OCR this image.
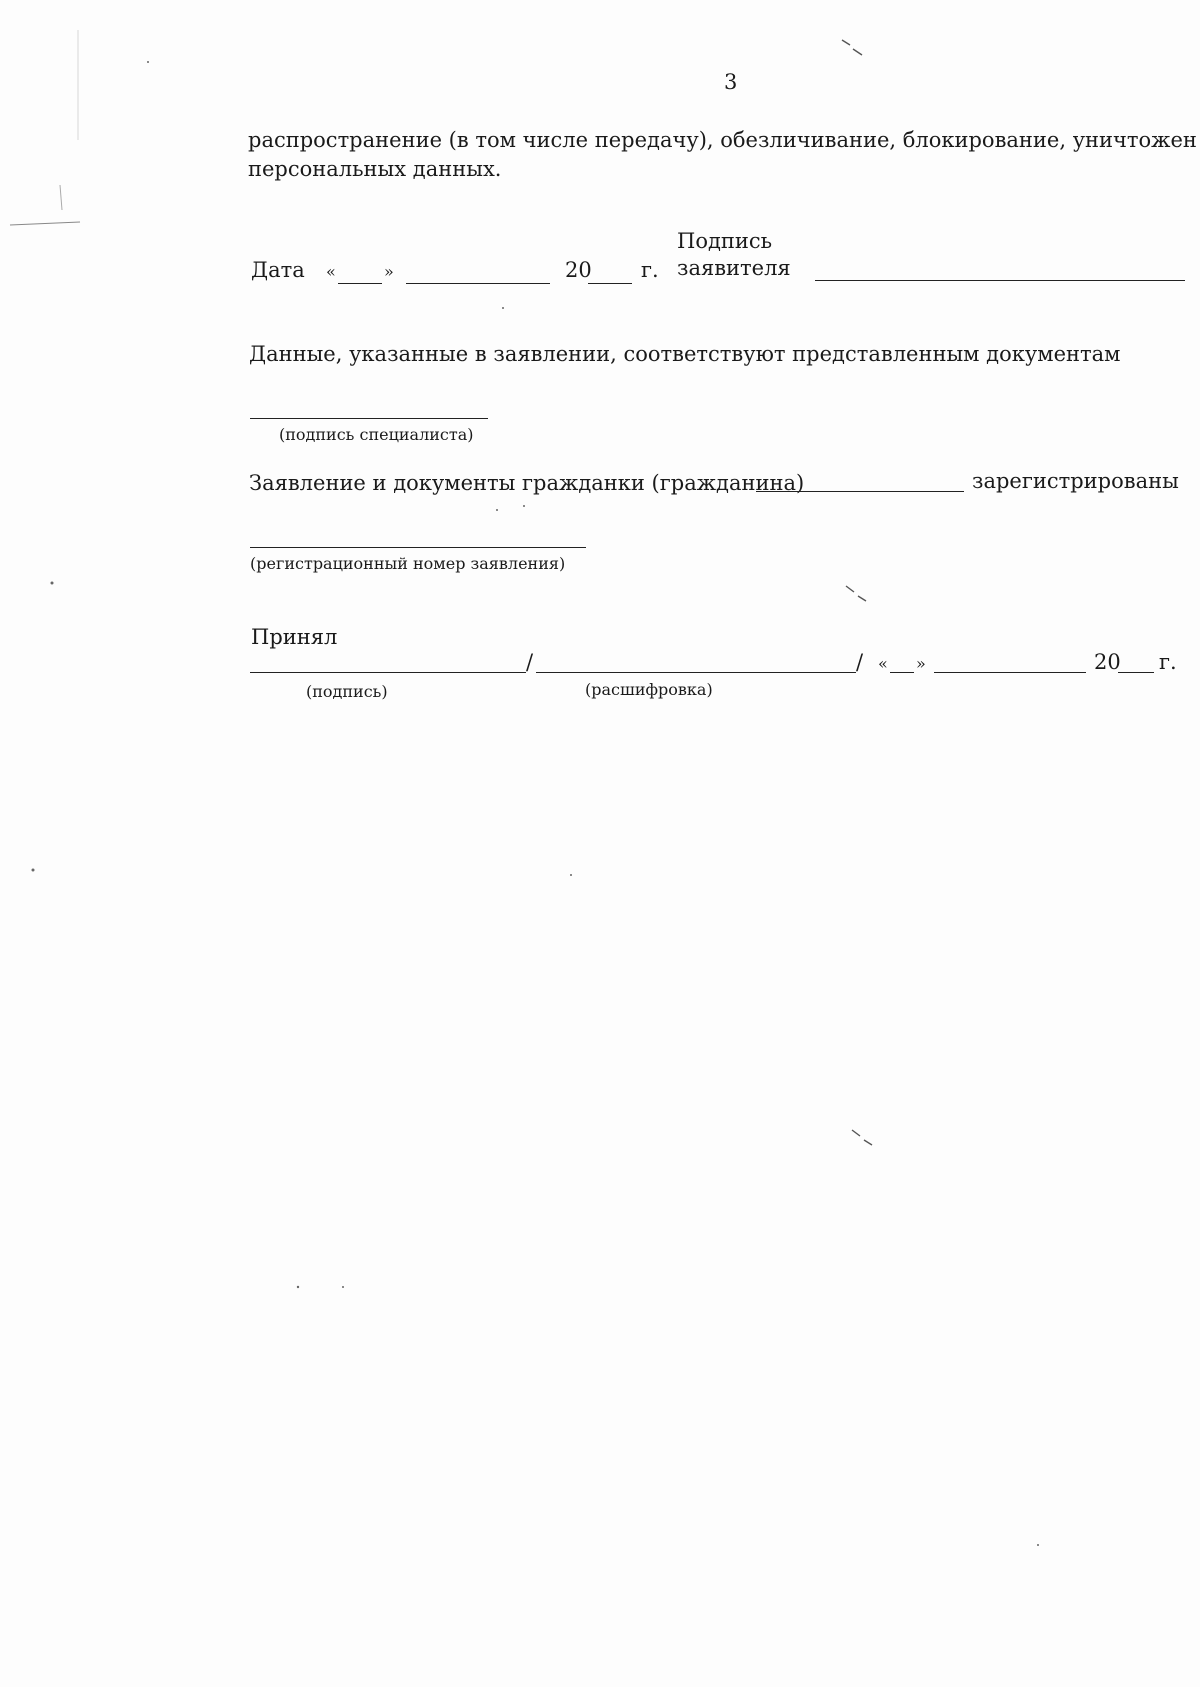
3
распространение (в том числе передачу), обезличивание, блокирование, уничтожен
персональных данных.
Дата «	»	20 г.
Подпись
заявителя
Данные, указанные в заявлении, соответствуют представленным документам
(подпись специалиста)
Заявление и документы гражданки (гражданина)	зарегистрированы
(регистрационный номер заявления)
Принял
/	/ « »	20 г.
(подпись)	(расшифровка)
